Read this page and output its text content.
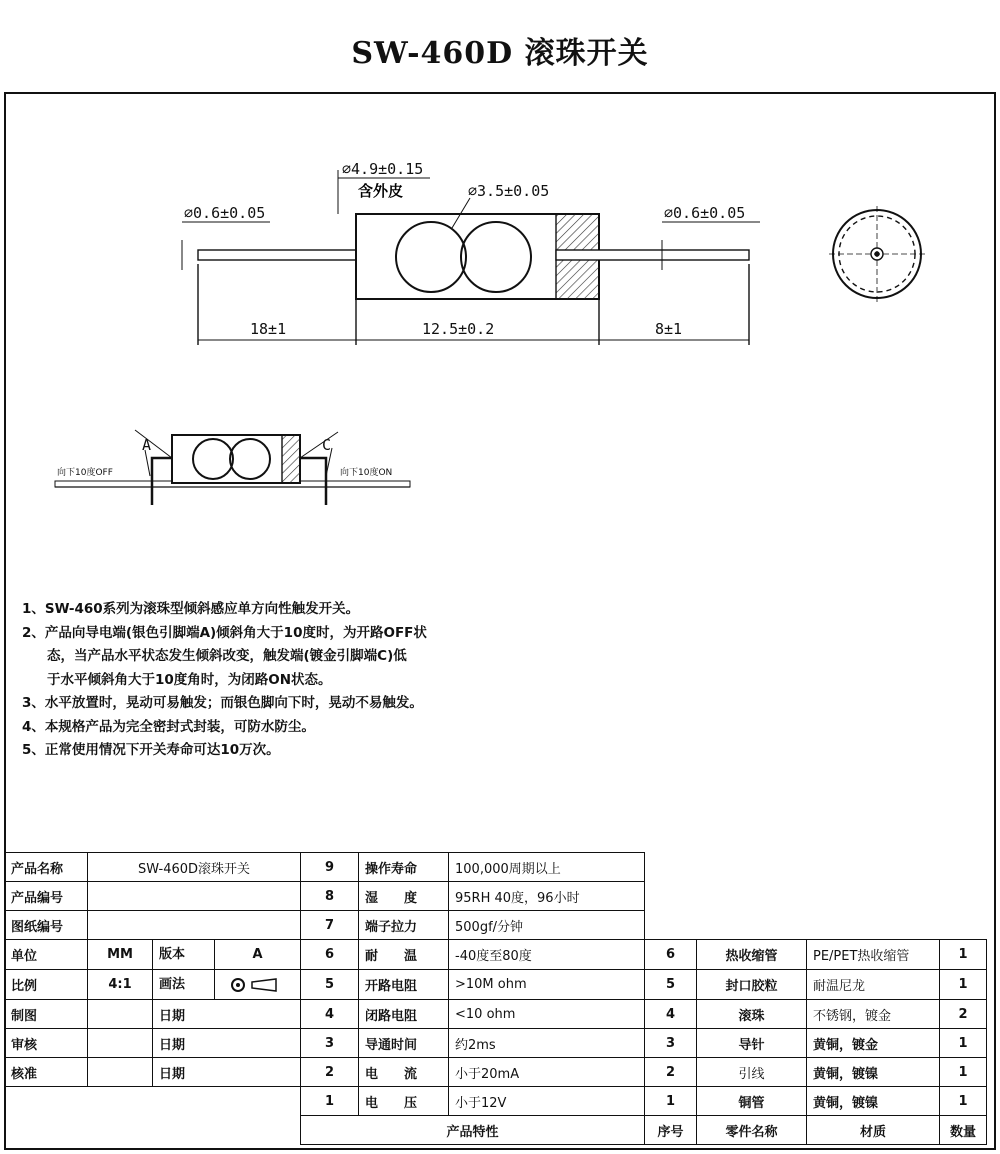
SW-460D 滚珠开关
⌀4.9±0.15
含外皮	⌀3.5±0.05
⌀0.6±0.05	⌀0.6±0.05
18±1	12.5±0.2	8±1
A	C
向下10度OFF	向下10度ON
1、SW-460系列为滚珠型倾斜感应单方向性触发开关。
2、产品向导电端(银色引脚端A)倾斜角大于10度时，为开路OFF状
态，当产品水平状态发生倾斜改变，触发端(镀金引脚端C)低
于水平倾斜角大于10度角时，为闭路ON状态。
3、水平放置时，晃动可易触发；而银色脚向下时，晃动不易触发。
4、本规格产品为完全密封式封装，可防水防尘。
5、正常使用情况下开关寿命可达10万次。
产品名称	SW-460D滚珠开关		9	操作寿命	100,000周期以上				
产品编号			8	湿　　度	95RH 40度，96小时				
图纸编号			7	端子拉力	500gf/分钟				
单位	MM	版本 A	6	耐　　温	-40度至80度	6	热收缩管	PE/PET热收缩管	1
比例	4:1	画法	5	开路电阻	>10M ohm	5	封口胶粒	耐温尼龙	1
制图		日期	4	闭路电阻	<10 ohm	4	滚珠	不锈钢，镀金	2
审核		日期	3	导通时间	约2ms	3	导针	黄铜，镀金	1
核准		日期	2	电　　流	小于20mA	2	引线	黄铜，镀镍	1
			1	电　　压	小于12V	1	铜管	黄铜，镀镍	1
			产品特性			序号	零件名称	材质	数量
